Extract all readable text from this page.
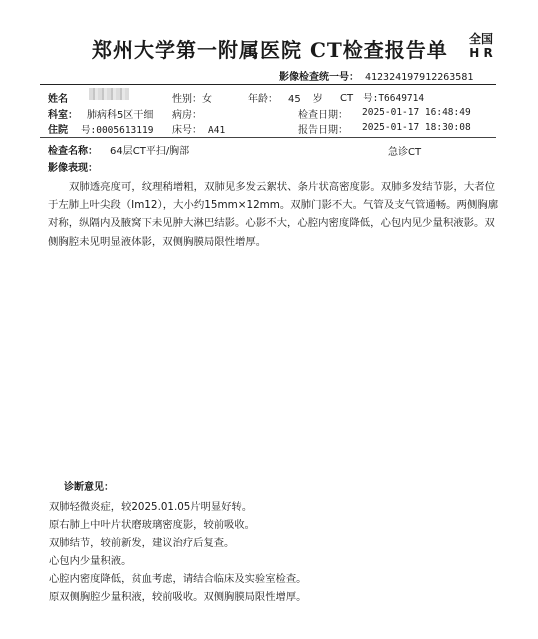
郑州大学第一附属医院 CT检查报告单 全国
H R
影像检查统一号： 412324197912263581
姓名	性别：女	年龄： 45 岁 CT 号:T6649714
科室： 肺病科5区干细 病房：	检查日期： 2025-01-17 16:48:49
住院 号:0005613119 床号： A41	报告日期： 2025-01-17 18:30:08
检查名称： 64层CT平扫/胸部	急诊CT
影像表现：
双肺透亮度可，纹理稍增粗，双肺见多发云絮状、条片状高密度影。双肺多发结节影，大者位于左肺上叶尖段（Im12），大小约15mm×12mm。双肺门影不大。气管及支气管通畅。两侧胸廓对称，纵隔内及腋窝下未见肿大淋巴结影。心影不大，心腔内密度降低，心包内见少量积液影。双侧胸腔未见明显液体影，双侧胸膜局限性增厚。
诊断意见：
双肺轻微炎症，较2025.01.05片明显好转。
原右肺上中叶片状磨玻璃密度影，较前吸收。
双肺结节，较前新发，建议治疗后复查。
心包内少量积液。
心腔内密度降低，贫血考虑，请结合临床及实验室检查。
原双侧胸腔少量积液，较前吸收。双侧胸膜局限性增厚。
